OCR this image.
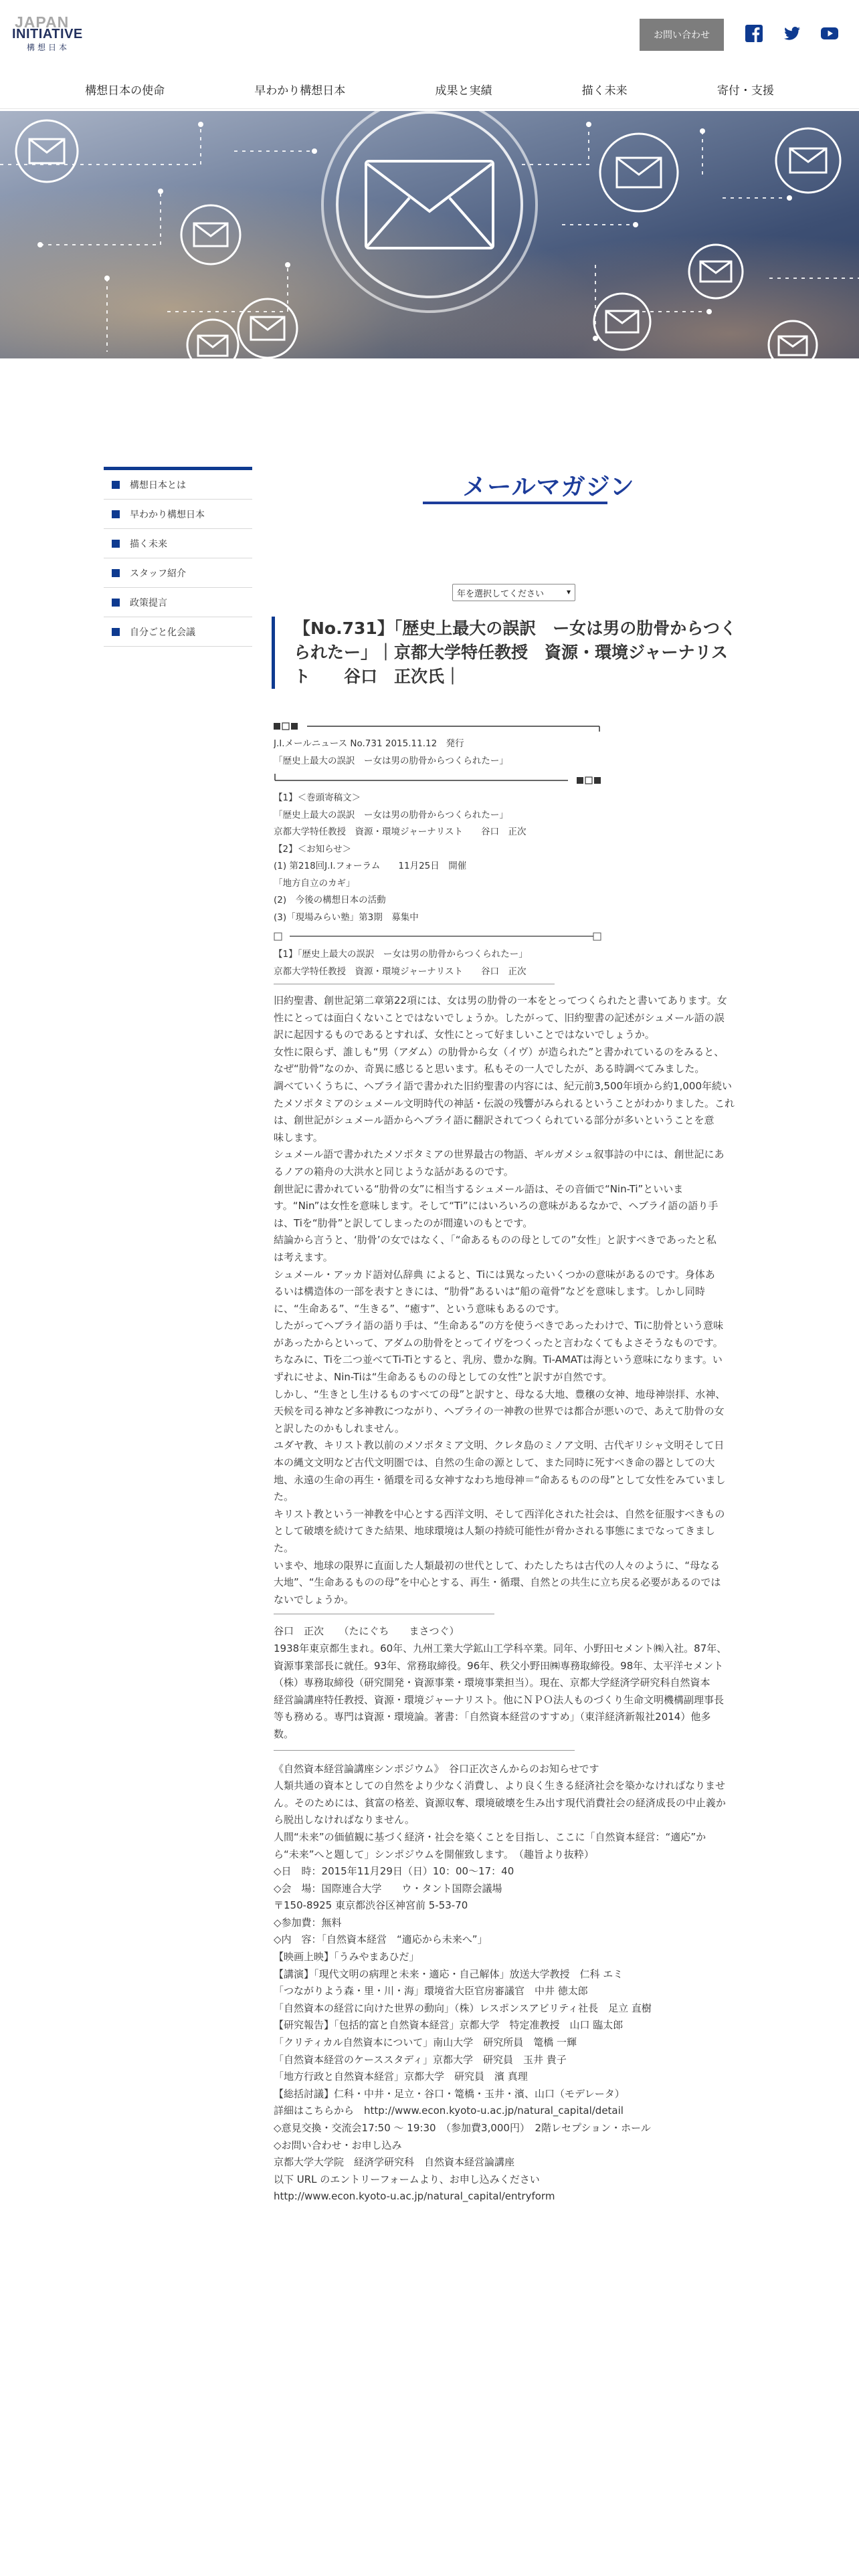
JAPAN
INITIATIVE
構想日本
お問い合わせ
構想日本の使命	早わかり構想日本	成果と実績	描く未来	寄付・支援
メールマガジン
構想日本とは
早わかり構想日本
描く未来
スタッフ紹介
政策提言
自分ごと化会議
年を選択してください	▾
【No.731】「歴史上最大の誤訳　ー女は男の肋骨からつく
られたー」｜京都大学特任教授　資源・環境ジャーナリス
ト　　谷口　正次氏｜
J.I.メールニュース No.731 2015.11.12　発行
「歴史上最大の誤訳　ー女は男の肋骨からつくられたー」
【1】＜巻頭寄稿文＞
「歴史上最大の誤訳　ー女は男の肋骨からつくられたー」
京都大学特任教授　資源・環境ジャーナリスト　　谷口　正次
【2】＜お知らせ＞
(1) 第218回J.I.フォーラム　　11月25日　開催
「地方自立のカギ」
(2)　今後の構想日本の活動
(3)「現場みらい塾」第3期　募集中
【1】「歴史上最大の誤訳　ー女は男の肋骨からつくられたー」
京都大学特任教授　資源・環境ジャーナリスト　　谷口　正次
――――――――――――――――――――――――――――――――――――――――――
旧約聖書、創世記第二章第22項には、女は男の肋骨の一本をとってつくられたと書いてあります。女
性にとっては面白くないことではないでしょうか。したがって、旧約聖書の記述がシュメール語の誤
訳に起因するものであるとすれば、女性にとって好ましいことではないでしょうか。
女性に限らず、誰しも“男（アダム）の肋骨から女（イヴ）が造られた”と書かれているのをみると、
なぜ“肋骨”なのか、奇異に感じると思います。私もその一人でしたが、ある時調べてみました。
調べていくうちに、ヘブライ語で書かれた旧約聖書の内容には、紀元前3,500年頃から約1,000年続い
たメソポタミアのシュメール文明時代の神話・伝説の残響がみられるということがわかりました。これ
は、創世記がシュメール語からヘブライ語に翻訳されてつくられている部分が多いということを意
味します。
シュメール語で書かれたメソポタミアの世界最古の物語、ギルガメシュ叙事詩の中には、創世記にあ
るノアの箱舟の大洪水と同じような話があるのです。
創世記に書かれている“肋骨の女”に相当するシュメール語は、その音価で“Nin-Ti”といいま
す。“Nin”は女性を意味します。そして“Ti”にはいろいろの意味があるなかで、ヘブライ語の語り手
は、Tiを“肋骨”と訳してしまったのが間違いのもとです。
結論から言うと、‘肋骨’の女ではなく、「“命あるものの母としての”女性」と訳すべきであったと私
は考えます。
シュメール・アッカド語対仏辞典 によると、Tiには異なったいくつかの意味があるのです。身体あ
るいは構造体の一部を表すときには、“肋骨”あるいは“船の竜骨”などを意味します。しかし同時
に、“生命ある”、“生きる”、“癒す”、という意味もあるのです。
したがってヘブライ語の語り手は、“生命ある”の方を使うべきであったわけで、Tiに肋骨という意味
があったからといって、アダムの肋骨をとってイヴをつくったと言わなくてもよさそうなものです。
ちなみに、Tiを二つ並べてTi-Tiとすると、乳房、豊かな胸。Ti-AMATは海という意味になります。い
ずれにせよ、Nin-Tiは“生命あるものの母としての女性”と訳すが自然です。
しかし、“生きとし生けるものすべての母”と訳すと、母なる大地、豊穣の女神、地母神崇拝、水神、
天候を司る神など多神教につながり、ヘブライの一神教の世界では都合が悪いので、あえて肋骨の女
と訳したのかもしれません。
ユダヤ教、キリスト教以前のメソポタミア文明、クレタ島のミノア文明、古代ギリシャ文明そして日
本の縄文文明など古代文明圏では、自然の生命の源として、また同時に死すべき命の器としての大
地、永遠の生命の再生・循環を司る女神すなわち地母神＝“命あるものの母”として女性をみていまし
た。
キリスト教という一神教を中心とする西洋文明、そして西洋化された社会は、自然を征服すべきもの
として破壊を続けてきた結果、地球環境は人類の持続可能性が脅かされる事態にまでなってきまし
た。
いまや、地球の限界に直面した人類最初の世代として、わたしたちは古代の人々のように、“母なる
大地”、“生命あるものの母”を中心とする、再生・循環、自然との共生に立ち戻る必要があるのでは
ないでしょうか。
―――――――――――――――――――――――――――――――――
谷口　正次　　（たにぐち　　まさつぐ）
1938年東京都生まれ。60年、九州工業大学鉱山工学科卒業。同年、小野田セメント㈱入社。87年、
資源事業部長に就任。93年、常務取締役。96年、秩父小野田㈱専務取締役。98年、太平洋セメント
（株）専務取締役（研究開発・資源事業・環境事業担当）。現在、京都大学経済学研究科自然資本
経営論講座特任教授、資源・環境ジャーナリスト。他にＮＰＯ法人ものづくり生命文明機構副理事長
等も務める。専門は資源・環境論。著書：「自然資本経営のすすめ」（東洋経済新報社2014）他多
数。
―――――――――――――――――――――――――――――――――――――――――――――
《自然資本経営論講座シンポジウム》　谷口正次さんからのお知らせです
人類共通の資本としての自然をより少なく消費し、より良く生きる経済社会を築かなければなりませ
ん。そのためには、貧富の格差、資源収奪、環境破壊を生み出す現代消費社会の経済成長の中止義か
ら脱出しなければなりません。
人間“未来”の価値観に基づく経済・社会を築くことを目指し、ここに「自然資本経営：“適応”か
ら“未来”へと題して」シンポジウムを開催致します。　（趣旨より抜粋）
◇日　時：2015年11月29日（日）10：00～17：40
◇会　場：国際連合大学　　ウ・タント国際会議場
〒150-8925 東京都渋谷区神宮前 5-53-70
◇参加費：無料
◇内　容：「自然資本経営　“適応から未来へ”」
【映画上映】「うみやまあひだ」
【講演】「現代文明の病理と未来・適応・自己解体」放送大学教授　仁科 エミ
「つながりよう森・里・川・海」環境省大臣官房審議官　中井 徳太郎
「自然資本の経営に向けた世界の動向」（株）レスポンスアビリティ社長　足立 直樹
【研究報告】「包括的富と自然資本経営」京都大学　特定准教授　山口 臨太郎
「クリティカル自然資本について」南山大学　研究所員　篭橋 一輝
「自然資本経営のケーススタディ」京都大学　研究員　玉井 貴子
「地方行政と自然資本経営」京都大学　研究員　濱 真理
【総括討議】仁科・中井・足立・谷口・篭橋・玉井・濱、山口（モデレータ）
詳細はこちらから　http://www.econ.kyoto-u.ac.jp/natural_capital/detail
◇意見交換・交流会17:50 ～ 19:30　（参加費3,000円）　2階レセプション・ホール
◇お問い合わせ・お申し込み
京都大学大学院　経済学研究科　自然資本経営論講座
以下 URL のエントリーフォームより、お申し込みください
http://www.econ.kyoto-u.ac.jp/natural_capital/entryform
